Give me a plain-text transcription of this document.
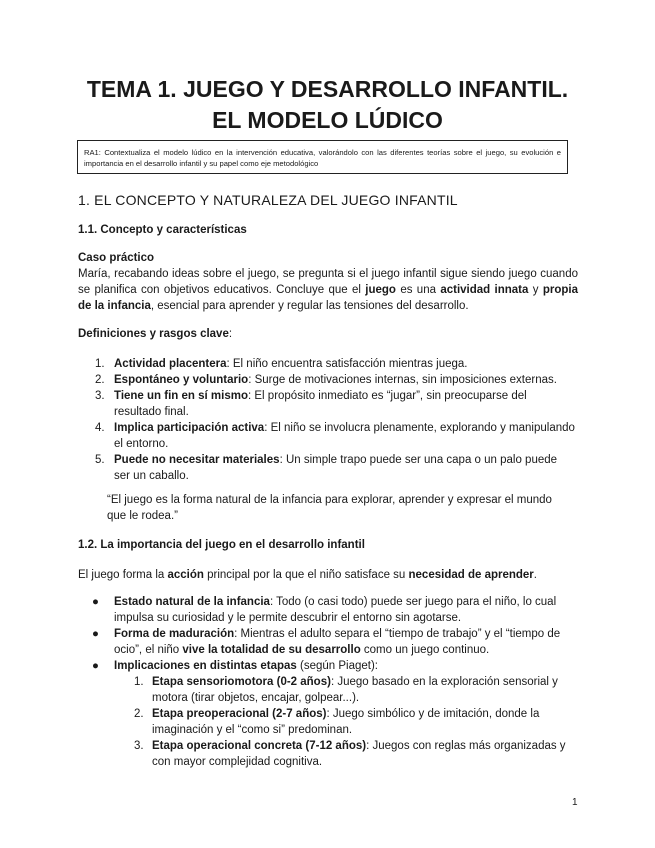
TEMA 1. JUEGO Y DESARROLLO INFANTIL.
EL MODELO LÚDICO
RA1: Contextualiza el modelo lúdico en la intervención educativa, valorándolo con las diferentes teorías sobre el juego, su evolución e importancia en el desarrollo infantil y su papel como eje metodológico
1. EL CONCEPTO Y NATURALEZA DEL JUEGO INFANTIL
1.1. Concepto y características
Caso práctico

María, recabando ideas sobre el juego, se pregunta si el juego infantil sigue siendo juego cuando se planifica con objetivos educativos. Concluye que el juego es una actividad innata y propia de la infancia, esencial para aprender y regular las tensiones del desarrollo.

Definiciones y rasgos clave:

1. Actividad placentera: El niño encuentra satisfacción mientras juega.
2. Espontáneo y voluntario: Surge de motivaciones internas, sin imposiciones externas.
3. Tiene un fin en sí mismo: El propósito inmediato es “jugar”, sin preocuparse del resultado final.
4. Implica participación activa: El niño se involucra plenamente, explorando y manipulando el entorno.
5. Puede no necesitar materiales: Un simple trapo puede ser una capa o un palo puede ser un caballo.

“El juego es la forma natural de la infancia para explorar, aprender y expresar el mundo que le rodea.”

1.2. La importancia del juego en el desarrollo infantil

El juego forma la acción principal por la que el niño satisface su necesidad de aprender.

● Estado natural de la infancia: Todo (o casi todo) puede ser juego para el niño, lo cual impulsa su curiosidad y le permite descubrir el entorno sin agotarse.
● Forma de maduración: Mientras el adulto separa el “tiempo de trabajo” y el “tiempo de ocio”, el niño vive la totalidad de su desarrollo como un juego continuo.
● Implicaciones en distintas etapas (según Piaget):
1. Etapa sensoriomotora (0-2 años): Juego basado en la exploración sensorial y motora (tirar objetos, encajar, golpear...).
2. Etapa preoperacional (2-7 años): Juego simbólico y de imitación, donde la imaginación y el “como si” predominan.
3. Etapa operacional concreta (7-12 años): Juegos con reglas más organizadas y con mayor complejidad cognitiva.
1
